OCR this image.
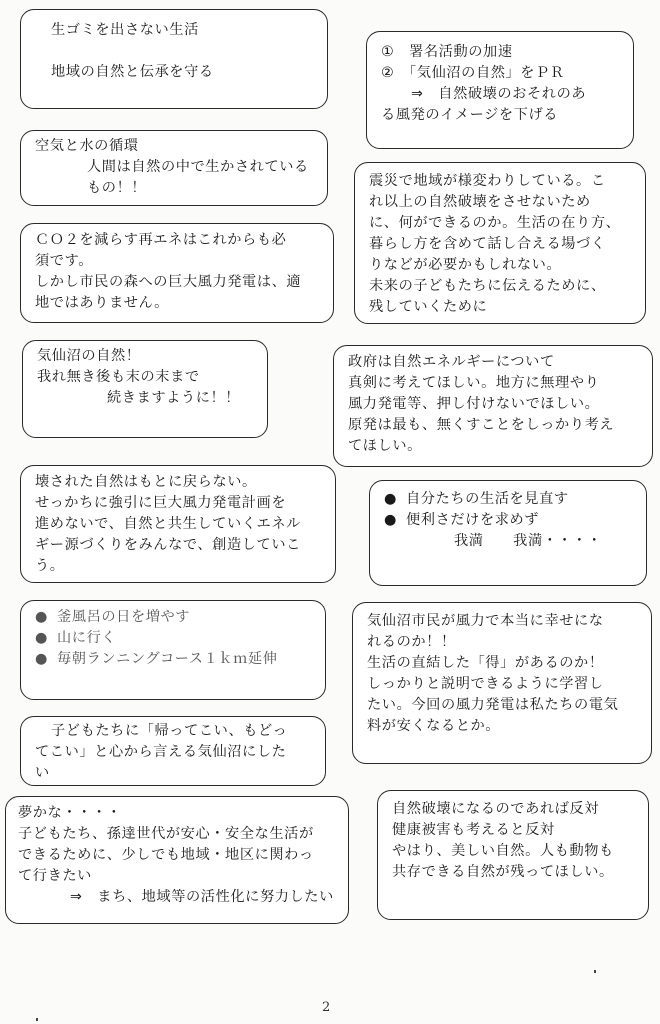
生ゴミを出さない生活
地域の自然と伝承を守る
①　署名活動の加速
②　「気仙沼の自然」をＰＲ
⇒　自然破壊のおそれのあ
る風発のイメージを下げる
空気と水の循環
人間は自然の中で生かされている
もの！！	震災で地域が様変わりしている。こ
れ以上の自然破壊をさせないため
に、何ができるのか。生活の在り方、
暮らし方を含めて話し合える場づく
りなどが必要かもしれない。
未来の子どもたちに伝えるために、
残していくために
ＣＯ２を減らす再エネはこれからも必
須です。
しかし市民の森への巨大風力発電は、適
地ではありません。
気仙沼の自然！
我れ無き後も末の末まで
続きますように！！
政府は自然エネルギーについて
真剣に考えてほしい。地方に無理やり
風力発電等、押し付けないでほしい。
原発は最も、無くすことをしっかり考え
てほしい。
壊された自然はもとに戻らない。
せっかちに強引に巨大風力発電計画を
進めないで、自然と共生していくエネル
ギー源づくりをみんなで、創造していこ
う。
● 自分たちの生活を見直す
● 便利さだけを求めず
我満　　我満・・・・
● 釜風呂の日を増やす
● 山に行く
● 毎朝ランニングコース１ｋｍ延伸
気仙沼市民が風力で本当に幸せにな
れるのか！！
生活の直結した「得」があるのか！
しっかりと説明できるように学習し
たい。今回の風力発電は私たちの電気
料が安くなるとか。
子どもたちに「帰ってこい、もどっ
てこい」と心から言える気仙沼にした
い
夢かな・・・・
子どもたち、孫達世代が安心・安全な生活が
できるために、少しでも地域・地区に関わっ
て行きたい
⇒　まち、地域等の活性化に努力したい
自然破壊になるのであれば反対
健康被害も考えると反対
やはり、美しい自然。人も動物も
共存できる自然が残ってほしい。
2
